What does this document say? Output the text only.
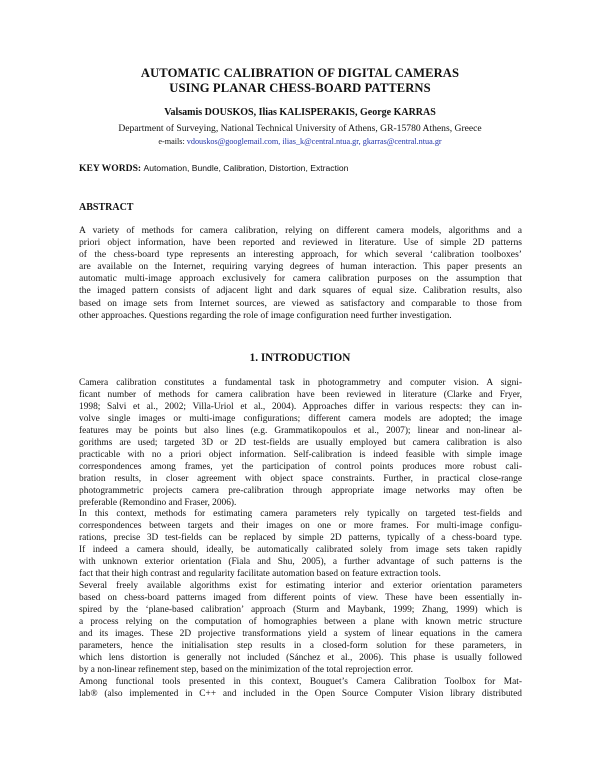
AUTOMATIC CALIBRATION OF DIGITAL CAMERAS
USING PLANAR CHESS-BOARD PATTERNS
Valsamis DOUSKOS, Ilias KALISPERAKIS, George KARRAS
Department of Surveying, National Technical University of Athens, GR-15780 Athens, Greece
e-mails: vdouskos@googlemail.com, ilias_k@central.ntua.gr, gkarras@central.ntua.gr
KEY WORDS: Automation, Bundle, Calibration, Distortion, Extraction
ABSTRACT
A variety of methods for camera calibration, relying on different camera models, algorithms and a
priori object information, have been reported and reviewed in literature. Use of simple 2D patterns
of the chess-board type represents an interesting approach, for which several ‘calibration toolboxes’
are available on the Internet, requiring varying degrees of human interaction. This paper presents an
automatic multi-image approach exclusively for camera calibration purposes on the assumption that
the imaged pattern consists of adjacent light and dark squares of equal size. Calibration results, also
based on image sets from Internet sources, are viewed as satisfactory and comparable to those from
other approaches. Questions regarding the role of image configuration need further investigation.
1. INTRODUCTION
Camera calibration constitutes a fundamental task in photogrammetry and computer vision. A signi-
ficant number of methods for camera calibration have been reviewed in literature (Clarke and Fryer,
1998; Salvi et al., 2002; Villa-Uriol et al., 2004). Approaches differ in various respects: they can in-
volve single images or multi-image configurations; different camera models are adopted; the image
features may be points but also lines (e.g. Grammatikopoulos et al., 2007); linear and non-linear al-
gorithms are used; targeted 3D or 2D test-fields are usually employed but camera calibration is also
practicable with no a priori object information. Self-calibration is indeed feasible with simple image
correspondences among frames, yet the participation of control points produces more robust cali-
bration results, in closer agreement with object space constraints. Further, in practical close-range
photogrammetric projects camera pre-calibration through appropriate image networks may often be
preferable (Remondino and Fraser, 2006).
In this context, methods for estimating camera parameters rely typically on targeted test-fields and
correspondences between targets and their images on one or more frames. For multi-image configu-
rations, precise 3D test-fields can be replaced by simple 2D patterns, typically of a chess-board type.
If indeed a camera should, ideally, be automatically calibrated solely from image sets taken rapidly
with unknown exterior orientation (Fiala and Shu, 2005), a further advantage of such patterns is the
fact that their high contrast and regularity facilitate automation based on feature extraction tools.
Several freely available algorithms exist for estimating interior and exterior orientation parameters
based on chess-board patterns imaged from different points of view. These have been essentially in-
spired by the ‘plane-based calibration’ approach (Sturm and Maybank, 1999; Zhang, 1999) which is
a process relying on the computation of homographies between a plane with known metric structure
and its images. These 2D projective transformations yield a system of linear equations in the camera
parameters, hence the initialisation step results in a closed-form solution for these parameters, in
which lens distortion is generally not included (Sánchez et al., 2006). This phase is usually followed
by a non-linear refinement step, based on the minimization of the total reprojection error.
Among functional tools presented in this context, Bouguet’s Camera Calibration Toolbox for Mat-
lab® (also implemented in C++ and included in the Open Source Computer Vision library distributed
